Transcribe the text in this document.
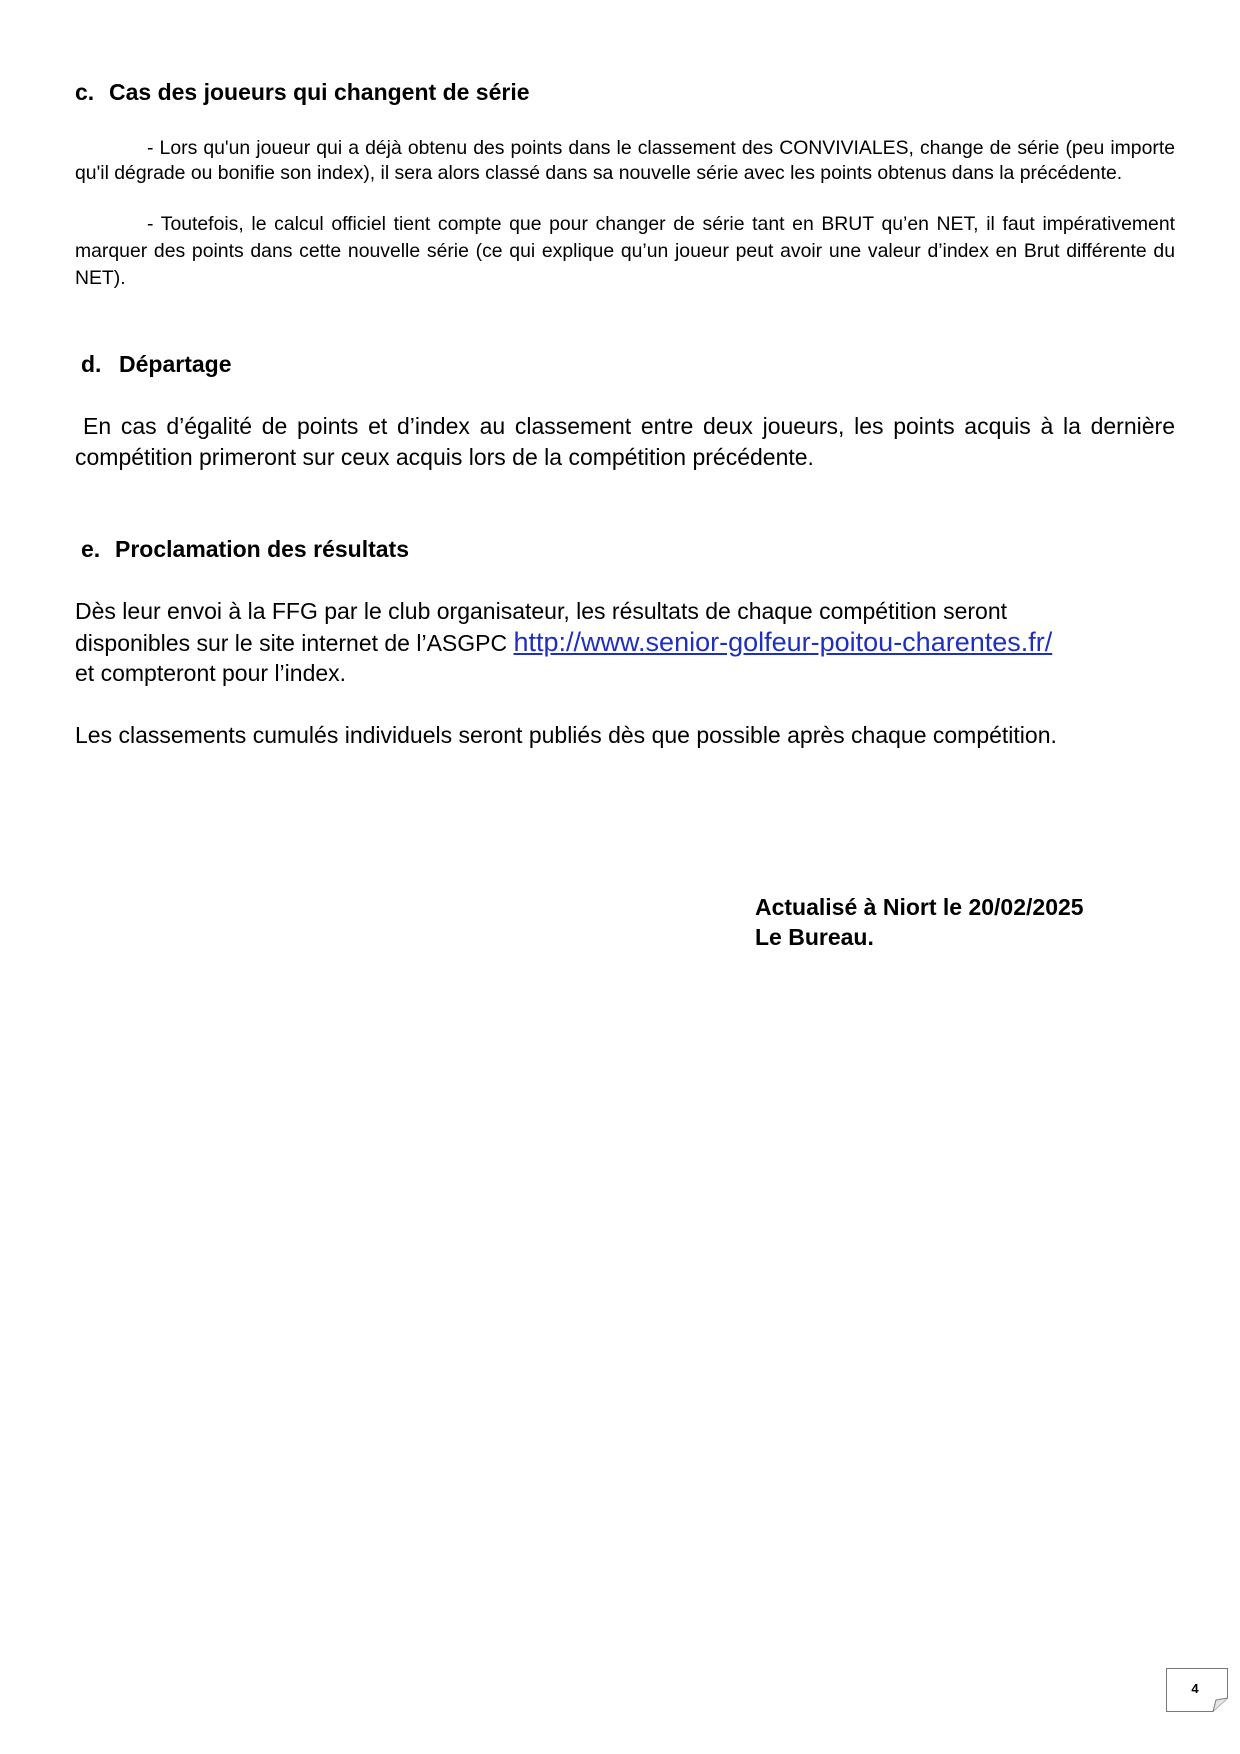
c. Cas des joueurs qui changent de série
- Lors qu'un joueur qui a déjà obtenu des points dans le classement des CONVIVIALES, change de série (peu importe qu'il dégrade ou bonifie son index), il sera alors classé dans sa nouvelle série avec les points obtenus dans la précédente.
- Toutefois, le calcul officiel tient compte que pour changer de série tant en BRUT qu’en NET, il faut impérativement marquer des points dans cette nouvelle série (ce qui explique qu’un joueur peut avoir une valeur d’index en Brut différente du NET).
d. Départage
En cas d’égalité de points et d’index au classement entre deux joueurs, les points acquis à la dernière compétition primeront sur ceux acquis lors de la compétition précédente.
e. Proclamation des résultats
Dès leur envoi à la FFG par le club organisateur, les résultats de chaque compétition seront
disponibles sur le site internet de l’ASGPC http://www.senior-golfeur-poitou-charentes.fr/
et compteront pour l’index.
Les classements cumulés individuels seront publiés dès que possible après chaque compétition.
Actualisé à Niort le 20/02/2025
Le Bureau.
4
